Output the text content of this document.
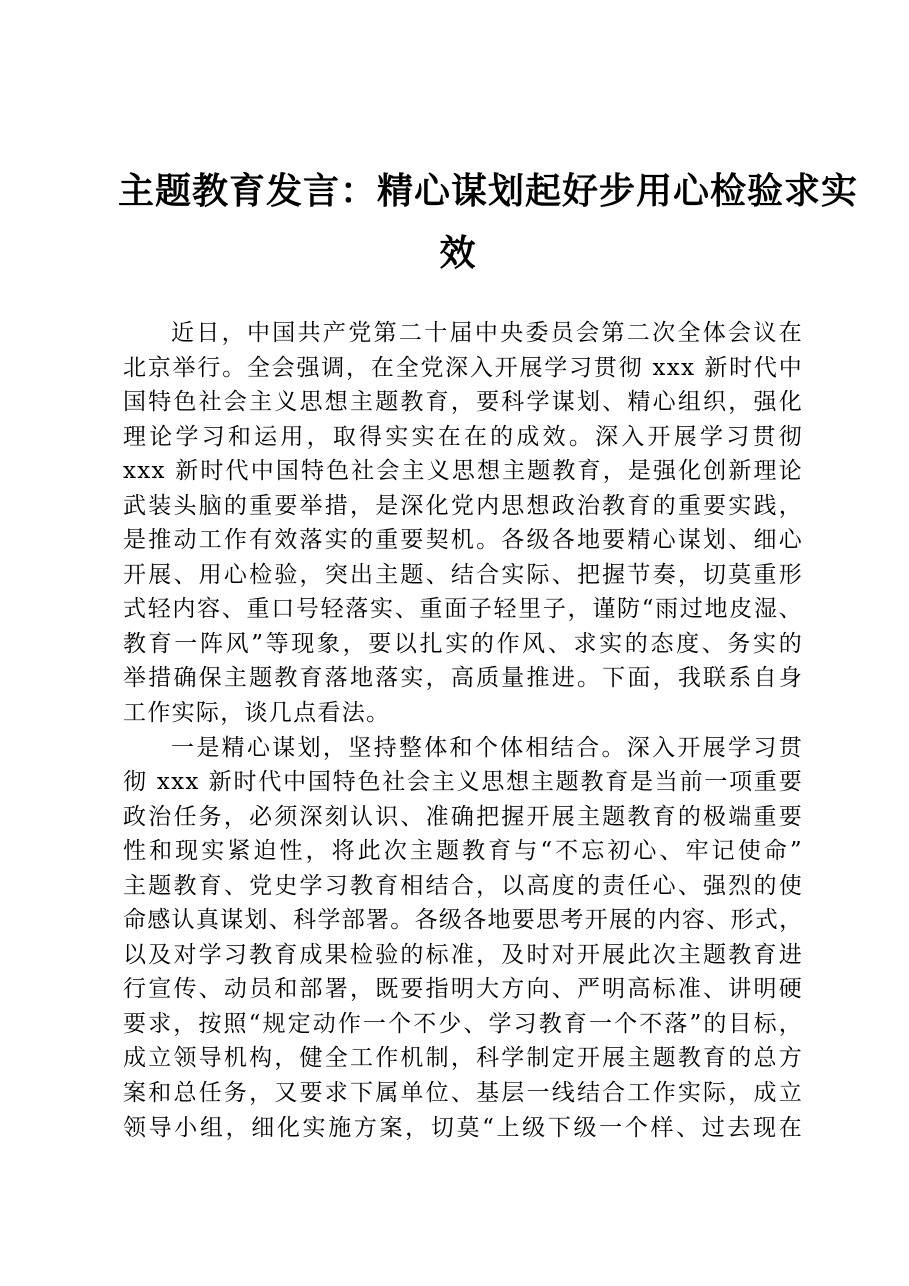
主题教育发言：精心谋划起好步用心检验求实
效
近日，中国共产党第二十届中央委员会第二次全体会议在
北京举行。全会强调，在全党深入开展学习贯彻 xxx 新时代中
国特色社会主义思想主题教育，要科学谋划、精心组织，强化
理论学习和运用，取得实实在在的成效。深入开展学习贯彻
xxx 新时代中国特色社会主义思想主题教育，是强化创新理论
武装头脑的重要举措，是深化党内思想政治教育的重要实践，
是推动工作有效落实的重要契机。各级各地要精心谋划、细心
开展、用心检验，突出主题、结合实际、把握节奏，切莫重形
式轻内容、重口号轻落实、重面子轻里子，谨防“雨过地皮湿、
教育一阵风”等现象，要以扎实的作风、求实的态度、务实的
举措确保主题教育落地落实，高质量推进。下面，我联系自身
工作实际，谈几点看法。
一是精心谋划，坚持整体和个体相结合。深入开展学习贯
彻 xxx 新时代中国特色社会主义思想主题教育是当前一项重要
政治任务，必须深刻认识、准确把握开展主题教育的极端重要
性和现实紧迫性，将此次主题教育与“不忘初心、牢记使命”
主题教育、党史学习教育相结合，以高度的责任心、强烈的使
命感认真谋划、科学部署。各级各地要思考开展的内容、形式，
以及对学习教育成果检验的标准，及时对开展此次主题教育进
行宣传、动员和部署，既要指明大方向、严明高标准、讲明硬
要求，按照“规定动作一个不少、学习教育一个不落”的目标，
成立领导机构，健全工作机制，科学制定开展主题教育的总方
案和总任务，又要求下属单位、基层一线结合工作实际，成立
领导小组，细化实施方案，切莫“上级下级一个样、过去现在
